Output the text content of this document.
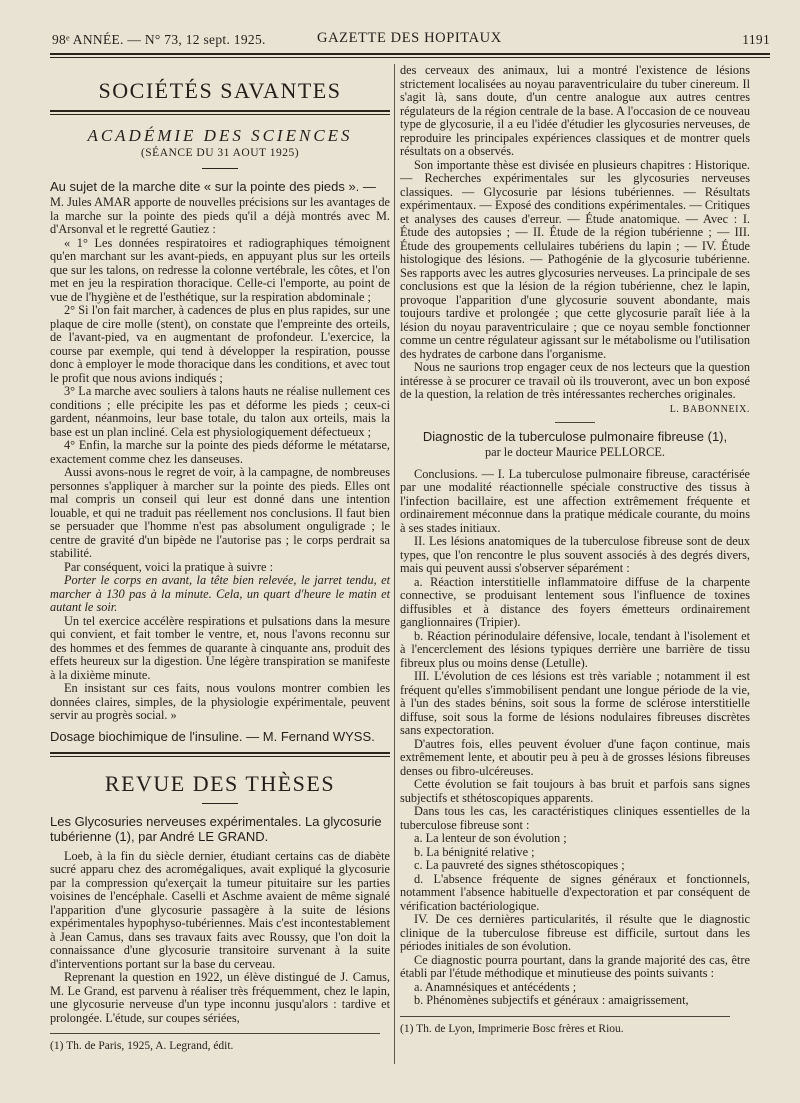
98ᵉ ANNÉE. — N° 73, 12 sept. 1925.	GAZETTE DES HOPITAUX	1191
SOCIÉTÉS SAVANTES
ACADÉMIE DES SCIENCES
(SÉANCE DU 31 AOUT 1925)
Au sujet de la marche dite « sur la pointe des pieds ». —

M. Jules AMAR apporte de nouvelles précisions sur les avantages de la marche sur la pointe des pieds qu'il a déjà montrés avec M. d'Arsonval et le regretté Gautiez :

« 1° Les données respiratoires et radiographiques témoignent qu'en marchant sur les avant-pieds, en appuyant plus sur les orteils que sur les talons, on redresse la colonne vertébrale, les côtes, et l'on met en jeu la respiration thoracique. Celle-ci l'emporte, au point de vue de l'hygiène et de l'esthétique, sur la respiration abdominale ;

2° Si l'on fait marcher, à cadences de plus en plus rapides, sur une plaque de cire molle (stent), on constate que l'empreinte des orteils, de l'avant-pied, va en augmentant de profondeur. L'exercice, la course par exemple, qui tend à développer la respiration, pousse donc à employer le mode thoracique dans les conditions, et avec tout le profit que nous avions indiqués ;

3° La marche avec souliers à talons hauts ne réalise nullement ces conditions ; elle précipite les pas et déforme les pieds ; ceux-ci gardent, néanmoins, leur base totale, du talon aux orteils, mais la base est un plan incliné. Cela est physiologiquement défectueux ;

4° Enfin, la marche sur la pointe des pieds déforme le métatarse, exactement comme chez les danseuses.

Aussi avons-nous le regret de voir, à la campagne, de nombreuses personnes s'appliquer à marcher sur la pointe des pieds. Elles ont mal compris un conseil qui leur est donné dans une intention louable, et qui ne traduit pas réellement nos conclusions. Il faut bien se persuader que l'homme n'est pas absolument onguligrade ; le centre de gravité d'un bipède ne l'autorise pas ; le corps perdrait sa stabilité.

Par conséquent, voici la pratique à suivre :

Porter le corps en avant, la tête bien relevée, le jarret tendu, et marcher à 130 pas à la minute. Cela, un quart d'heure le matin et autant le soir.

Un tel exercice accélère respirations et pulsations dans la mesure qui convient, et fait tomber le ventre, et, nous l'avons reconnu sur des hommes et des femmes de quarante à cinquante ans, produit des effets heureux sur la digestion. Une légère transpiration se manifeste à la dixième minute.

En insistant sur ces faits, nous voulons montrer combien les données claires, simples, de la physiologie expérimentale, peuvent servir au progrès social. »

Dosage biochimique de l'insuline. — M. Fernand WYSS.
REVUE DES THÈSES
Les Glycosuries nerveuses expérimentales. La glycosurie tubérienne (1), par André LE GRAND.

Loeb, à la fin du siècle dernier, étudiant certains cas de diabète sucré apparu chez des acromégaliques, avait expliqué la glycosurie par la compression qu'exerçait la tumeur pituitaire sur les parties voisines de l'encéphale. Caselli et Aschme avaient de même signalé l'apparition d'une glycosurie passagère à la suite de lésions expérimentales hypophyso-tubériennes. Mais c'est incontestablement à Jean Camus, dans ses travaux faits avec Roussy, que l'on doit la connaissance d'une glycosurie transitoire survenant à la suite d'interventions portant sur la base du cerveau.

Reprenant la question en 1922, un élève distingué de J. Camus, M. Le Grand, est parvenu à réaliser très fréquemment, chez le lapin, une glycosurie nerveuse d'un type inconnu jusqu'alors : tardive et prolongée. L'étude, sur coupes sériées,

(1) Th. de Paris, 1925, A. Legrand, édit.

des cerveaux des animaux, lui a montré l'existence de lésions strictement localisées au noyau paraventriculaire du tuber cinereum. Il s'agit là, sans doute, d'un centre analogue aux autres centres régulateurs de la région centrale de la base. A l'occasion de ce nouveau type de glycosurie, il a eu l'idée d'étudier les glycosuries nerveuses, de reproduire les principales expériences classiques et de montrer quels résultats on a observés.

Son importante thèse est divisée en plusieurs chapitres : Historique. — Recherches expérimentales sur les glycosuries nerveuses classiques. — Glycosurie par lésions tubériennes. — Résultats expérimentaux. — Exposé des conditions expérimentales. — Critiques et analyses des causes d'erreur. — Étude anatomique. — Avec : I. Étude des autopsies ; — II. Étude de la région tubérienne ; — III. Étude des groupements cellulaires tubériens du lapin ; — IV. Étude histologique des lésions. — Pathogénie de la glycosurie tubérienne. Ses rapports avec les autres glycosuries nerveuses. La principale de ses conclusions est que la lésion de la région tubérienne, chez le lapin, provoque l'apparition d'une glycosurie souvent abondante, mais toujours tardive et prolongée ; que cette glycosurie paraît liée à la lésion du noyau paraventriculaire ; que ce noyau semble fonctionner comme un centre régulateur agissant sur le métabolisme ou l'utilisation des hydrates de carbone dans l'organisme.

Nous ne saurions trop engager ceux de nos lecteurs que la question intéresse à se procurer ce travail où ils trouveront, avec un bon exposé de la question, la relation de très intéressantes recherches originales.

L. BABONNEIX.
Diagnostic de la tuberculose pulmonaire fibreuse (1),
par le docteur Maurice PELLORCE.

Conclusions. — I. La tuberculose pulmonaire fibreuse, caractérisée par une modalité réactionnelle spéciale constructive des tissus à l'infection bacillaire, est une affection extrêmement fréquente et ordinairement méconnue dans la pratique médicale courante, du moins à ses stades initiaux.

II. Les lésions anatomiques de la tuberculose fibreuse sont de deux types, que l'on rencontre le plus souvent associés à des degrés divers, mais qui peuvent aussi s'observer séparément :

a. Réaction interstitielle inflammatoire diffuse de la charpente connective, se produisant lentement sous l'influence de toxines diffusibles et à distance des foyers émetteurs ordinairement ganglionnaires (Tripier).

b. Réaction périnodulaire défensive, locale, tendant à l'isolement et à l'encerclement des lésions typiques derrière une barrière de tissu fibreux plus ou moins dense (Letulle).

III. L'évolution de ces lésions est très variable ; notamment il est fréquent qu'elles s'immobilisent pendant une longue période de la vie, à l'un des stades bénins, soit sous la forme de sclérose interstitielle diffuse, soit sous la forme de lésions nodulaires fibreuses discrètes sans expectoration.

D'autres fois, elles peuvent évoluer d'une façon continue, mais extrêmement lente, et aboutir peu à peu à de grosses lésions fibreuses denses ou fibro-ulcéreuses.

Cette évolution se fait toujours à bas bruit et parfois sans signes subjectifs et sthétoscopiques apparents.

Dans tous les cas, les caractéristiques cliniques essentielles de la tuberculose fibreuse sont :

a. La lenteur de son évolution ;

b. La bénignité relative ;

c. La pauvreté des signes sthétoscopiques ;

d. L'absence fréquente de signes généraux et fonctionnels, notamment l'absence habituelle d'expectoration et par conséquent de vérification bactériologique.

IV. De ces dernières particularités, il résulte que le diagnostic clinique de la tuberculose fibreuse est difficile, surtout dans les périodes initiales de son évolution.

Ce diagnostic pourra pourtant, dans la grande majorité des cas, être établi par l'étude méthodique et minutieuse des points suivants :

a. Anamnésiques et antécédents ;

b. Phénomènes subjectifs et généraux : amaigrissement,

(1) Th. de Lyon, Imprimerie Bosc frères et Riou.
